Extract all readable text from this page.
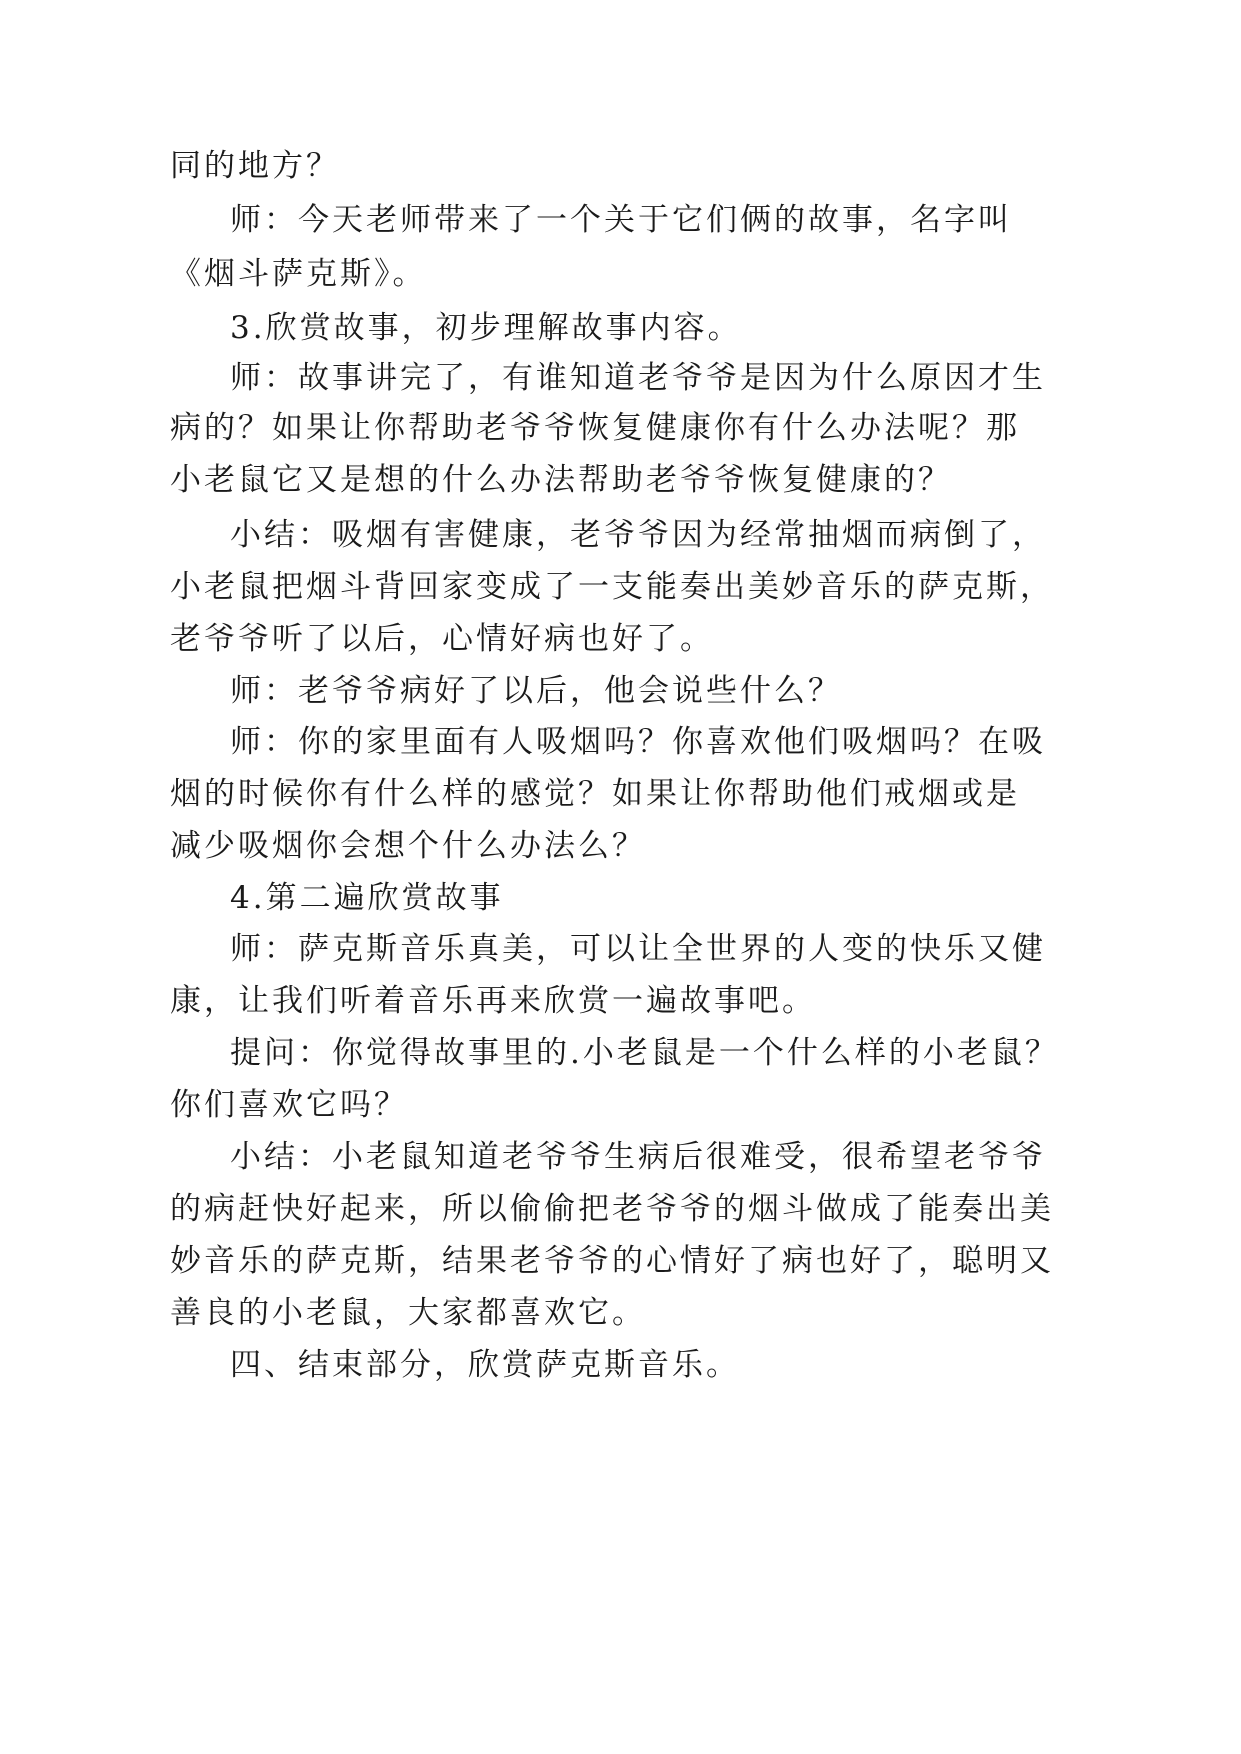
同的地方？

师：今天老师带来了一个关于它们俩的故事，名字叫

《烟斗萨克斯》。

3.欣赏故事，初步理解故事内容。

师：故事讲完了，有谁知道老爷爷是因为什么原因才生

病的？如果让你帮助老爷爷恢复健康你有什么办法呢？那

小老鼠它又是想的什么办法帮助老爷爷恢复健康的？

小结：吸烟有害健康，老爷爷因为经常抽烟而病倒了，

小老鼠把烟斗背回家变成了一支能奏出美妙音乐的萨克斯，

老爷爷听了以后，心情好病也好了。

师：老爷爷病好了以后，他会说些什么？

师：你的家里面有人吸烟吗？你喜欢他们吸烟吗？在吸

烟的时候你有什么样的感觉？如果让你帮助他们戒烟或是

减少吸烟你会想个什么办法么？

4.第二遍欣赏故事

师：萨克斯音乐真美，可以让全世界的人变的快乐又健

康，让我们听着音乐再来欣赏一遍故事吧。

提问：你觉得故事里的.小老鼠是一个什么样的小老鼠？

你们喜欢它吗？

小结：小老鼠知道老爷爷生病后很难受，很希望老爷爷

的病赶快好起来，所以偷偷把老爷爷的烟斗做成了能奏出美

妙音乐的萨克斯，结果老爷爷的心情好了病也好了，聪明又

善良的小老鼠，大家都喜欢它。

四、结束部分，欣赏萨克斯音乐。
